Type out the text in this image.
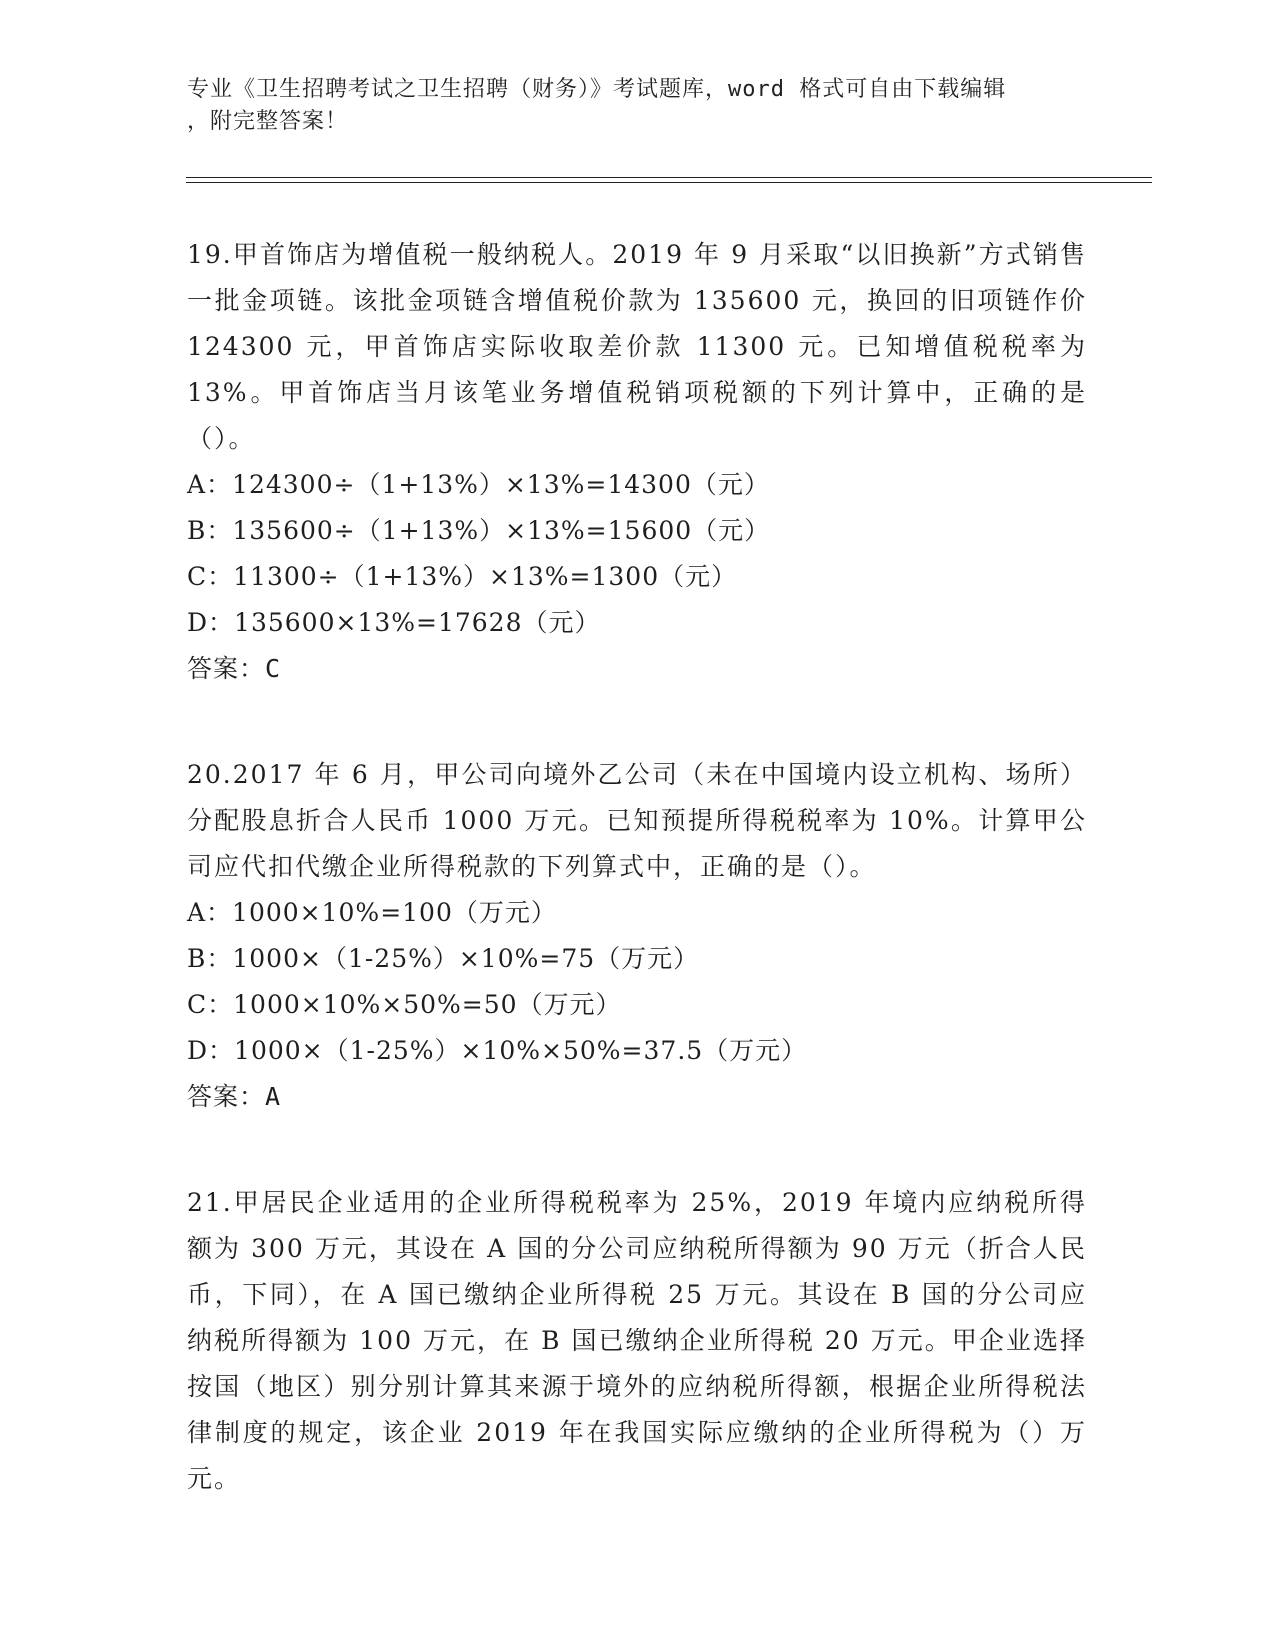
专业《卫生招聘考试之卫生招聘（财务）》考试题库，word 格式可自由下载编辑
，附完整答案！

19.甲首饰店为增值税一般纳税人。2019 年 9 月采取“以旧换新”方式销售一批金项链。该批金项链含增值税价款为 135600 元，换回的旧项链作价 124300 元，甲首饰店实际收取差价款 11300 元。已知增值税税率为 13%。甲首饰店当月该笔业务增值税销项税额的下列计算中，正确的是（）。

A：124300÷（1+13%）×13%=14300（元）

B：135600÷（1+13%）×13%=15600（元）

C：11300÷（1+13%）×13%=1300（元）

D：135600×13%=17628（元）

答案：C

20.2017 年 6 月，甲公司向境外乙公司（未在中国境内设立机构、场所）分配股息折合人民币 1000 万元。已知预提所得税税率为 10%。计算甲公司应代扣代缴企业所得税款的下列算式中，正确的是（）。

A：1000×10%=100（万元）

B：1000×（1-25%）×10%=75（万元）

C：1000×10%×50%=50（万元）

D：1000×（1-25%）×10%×50%=37.5（万元）

答案：A

21.甲居民企业适用的企业所得税税率为 25%，2019 年境内应纳税所得额为 300 万元，其设在 A 国的分公司应纳税所得额为 90 万元（折合人民币，下同），在 A 国已缴纳企业所得税 25 万元。其设在 B 国的分公司应纳税所得额为 100 万元，在 B 国已缴纳企业所得税 20 万元。甲企业选择按国（地区）别分别计算其来源于境外的应纳税所得额，根据企业所得税法律制度的规定，该企业 2019 年在我国实际应缴纳的企业所得税为（）万元。
